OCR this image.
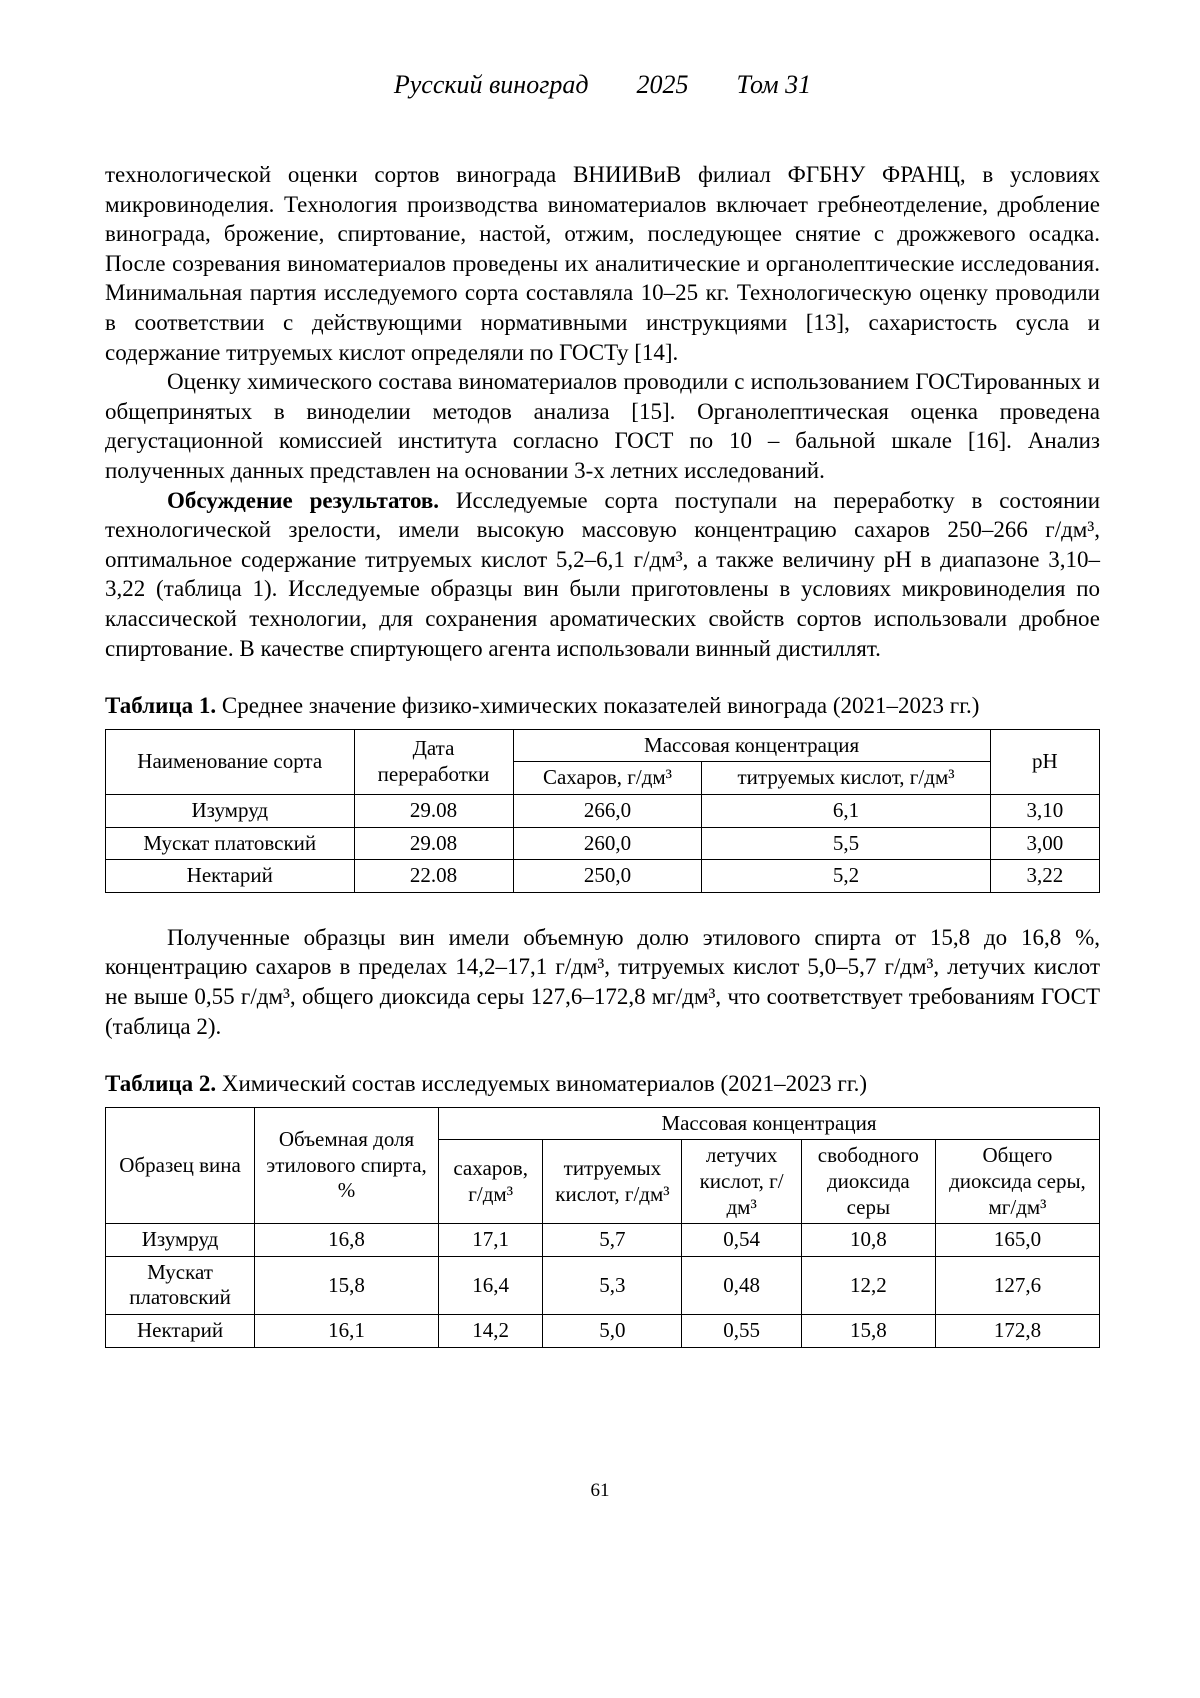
Русский виноград 2025 Том 31

технологической оценки сортов винограда ВНИИВиВ филиал ФГБНУ ФРАНЦ, в условиях микровиноделия. Технология производства виноматериалов включает гребнеотделение, дробление винограда, брожение, спиртование, настой, отжим, последующее снятие с дрожжевого осадка. После созревания виноматериалов проведены их аналитические и органолептические исследования. Минимальная партия исследуемого сорта составляла 10–25 кг. Технологическую оценку проводили в соответствии с действующими нормативными инструкциями [13], сахаристость сусла и содержание титруемых кислот определяли по ГОСТу [14].

Оценку химического состава виноматериалов проводили с использованием ГОСТированных и общепринятых в виноделии методов анализа [15]. Органолептическая оценка проведена дегустационной комиссией института согласно ГОСТ по 10 – бальной шкале [16]. Анализ полученных данных представлен на основании 3-х летних исследований.

Обсуждение результатов. Исследуемые сорта поступали на переработку в состоянии технологической зрелости, имели высокую массовую концентрацию сахаров 250–266 г/дм³, оптимальное содержание титруемых кислот 5,2–6,1 г/дм³, а также величину рН в диапазоне 3,10–3,22 (таблица 1). Исследуемые образцы вин были приготовлены в условиях микровиноделия по классической технологии, для сохранения ароматических свойств сортов использовали дробное спиртование. В качестве спиртующего агента использовали винный дистиллят.

Таблица 1. Среднее значение физико-химических показателей винограда (2021–2023 гг.)

Наименование сорта	Дата переработки	Массовая концентрация		рН
		Сахаров, г/дм³	титруемых кислот, г/дм³	
Изумруд	29.08	266,0	6,1	3,10
Мускат платовский	29.08	260,0	5,5	3,00
Нектарий	22.08	250,0	5,2	3,22

Полученные образцы вин имели объемную долю этилового спирта от 15,8 до 16,8 %, концентрацию сахаров в пределах 14,2–17,1 г/дм³, титруемых кислот 5,0–5,7 г/дм³, летучих кислот не выше 0,55 г/дм³, общего диоксида серы 127,6–172,8 мг/дм³, что соответствует требованиям ГОСТ (таблица 2).

Таблица 2. Химический состав исследуемых виноматериалов (2021–2023 гг.)

Образец вина	Объемная доля этилового спирта, %	Массовая концентрация				
		сахаров, г/дм³	титруемых кислот, г/дм³	летучих кислот, г/дм³	свободного диоксида серы	Общего диоксида серы, мг/дм³
Изумруд	16,8	17,1	5,7	0,54	10,8	165,0
Мускат платовский	15,8	16,4	5,3	0,48	12,2	127,6
Нектарий	16,1	14,2	5,0	0,55	15,8	172,8
61
